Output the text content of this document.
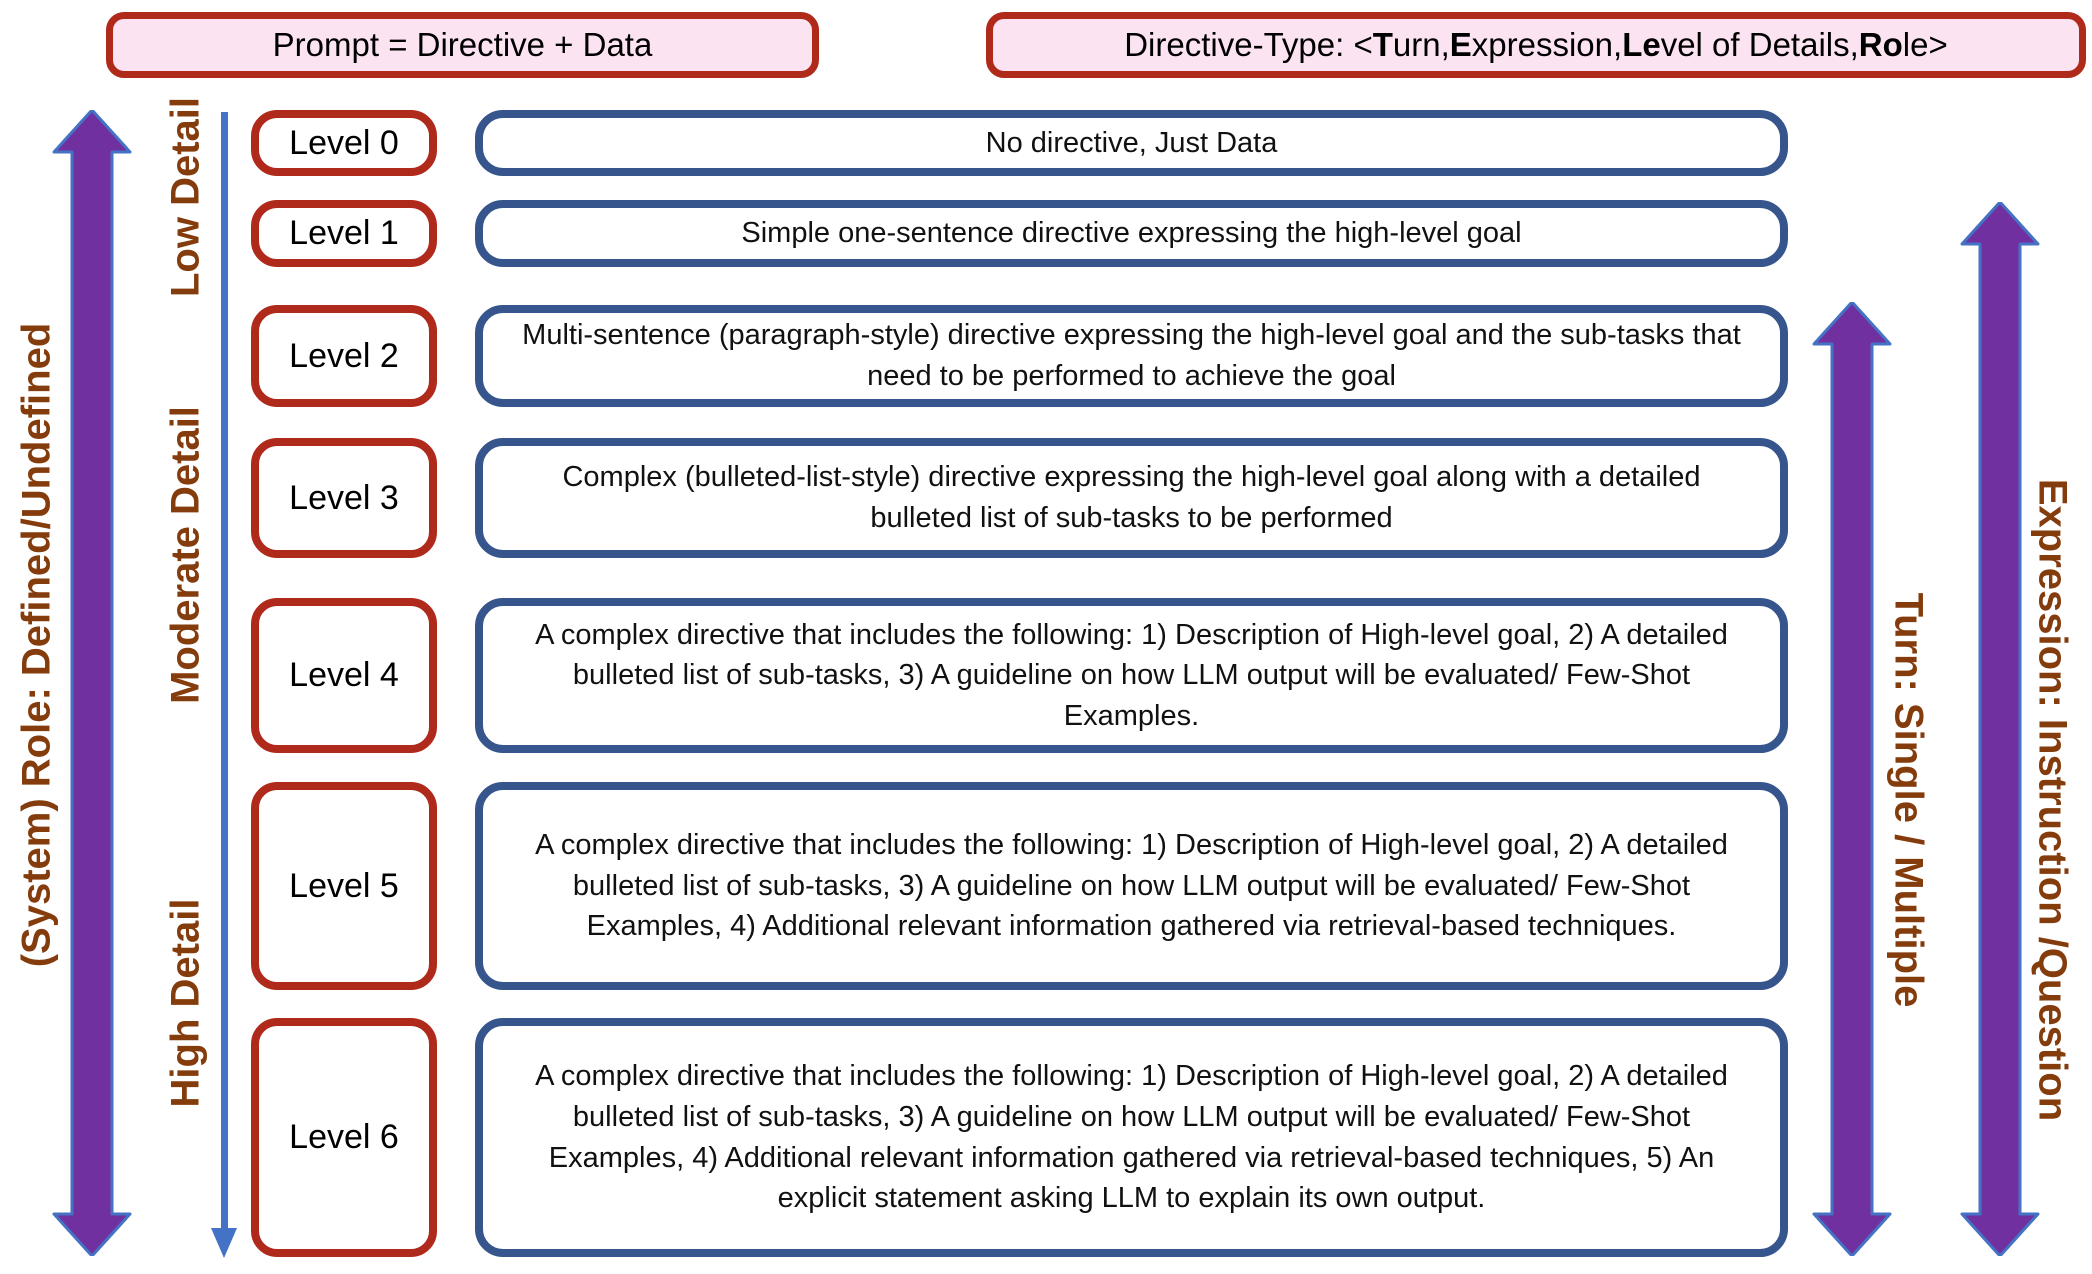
Prompt = Directive + Data	Directive-Type: < T urn, E xpression, Le vel of Details, Ro le>
(System) Role: Defined/Undefined
Low Detail
Moderate Detail
High Detail
Level 0	No directive, Just Data
Level 1	Simple one-sentence directive expressing the high-level goal
Level 2
Multi-sentence (paragraph-style) directive expressing the high-level goal and the sub-tasks that need to be performed to achieve the goal
Level 3
Complex (bulleted-list-style) directive expressing the high-level goal along with a detailed bulleted list of sub-tasks to be performed
Level 4
A complex directive that includes the following: 1) Description of High-level goal, 2) A detailed bulleted list of sub-tasks, 3) A guideline on how LLM output will be evaluated/ Few-Shot Examples.
Level 5
A complex directive that includes the following: 1) Description of High-level goal, 2) A detailed bulleted list of sub-tasks, 3) A guideline on how LLM output will be evaluated/ Few-Shot Examples, 4) Additional relevant information gathered via retrieval-based techniques.
Level 6
A complex directive that includes the following: 1) Description of High-level goal, 2) A detailed bulleted list of sub-tasks, 3) A guideline on how LLM output will be evaluated/ Few-Shot Examples, 4) Additional relevant information gathered via retrieval-based techniques, 5) An explicit statement asking LLM to explain its own output.
Turn: Single / Multiple	Expression: Instruction /Question
